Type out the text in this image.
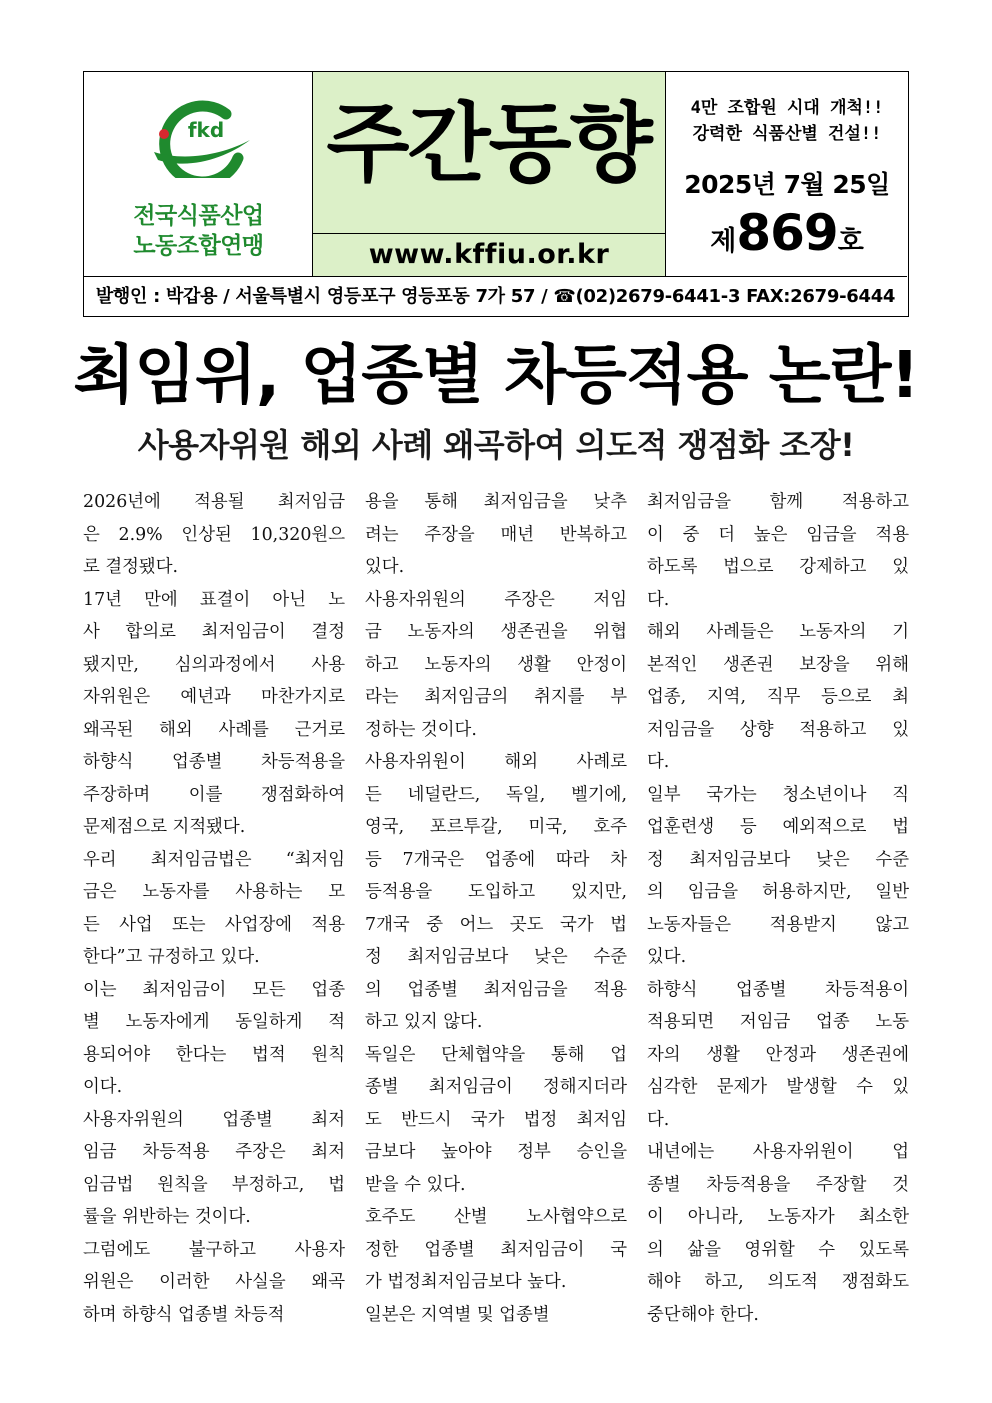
fkd
전국식품산업
노동조합연맹
주간동향
www.kffiu.or.kr
4만 조합원 시대 개척!!
강력한 식품산별 건설!!
2025년 7월 25일
제869호
발행인 : 박갑용 / 서울특별시 영등포구 영등포동 7가 57 / ☎(02)2679-6441-3 FAX:2679-6444
최임위, 업종별 차등적용 논란!
사용자위원 해외 사례 왜곡하여 의도적 쟁점화 조장!
2026년에 적용될 최저임금
은 2.9% 인상된 10,320원으
로 결정됐다.
17년 만에 표결이 아닌 노
사 합의로 최저임금이 결정
됐지만, 심의과정에서 사용
자위원은 예년과 마찬가지로
왜곡된 해외 사례를 근거로
하향식 업종별 차등적용을
주장하며 이를 쟁점화하여
문제점으로 지적됐다.
우리 최저임금법은 “최저임
금은 노동자를 사용하는 모
든 사업 또는 사업장에 적용
한다”고 규정하고 있다.
이는 최저임금이 모든 업종
별 노동자에게 동일하게 적
용되어야 한다는 법적 원칙
이다.
사용자위원의 업종별 최저
임금 차등적용 주장은 최저
임금법 원칙을 부정하고, 법
률을 위반하는 것이다.
그럼에도 불구하고 사용자
위원은 이러한 사실을 왜곡
하며 하향식 업종별 차등적
용을 통해 최저임금을 낮추
려는 주장을 매년 반복하고
있다.
사용자위원의 주장은 저임
금 노동자의 생존권을 위협
하고 노동자의 생활 안정이
라는 최저임금의 취지를 부
정하는 것이다.
사용자위원이 해외 사례로
든 네덜란드, 독일, 벨기에,
영국, 포르투갈, 미국, 호주
등 7개국은 업종에 따라 차
등적용을 도입하고 있지만,
7개국 중 어느 곳도 국가 법
정 최저임금보다 낮은 수준
의 업종별 최저임금을 적용
하고 있지 않다.
독일은 단체협약을 통해 업
종별 최저임금이 정해지더라
도 반드시 국가 법정 최저임
금보다 높아야 정부 승인을
받을 수 있다.
호주도 산별 노사협약으로
정한 업종별 최저임금이 국
가 법정최저임금보다 높다.
일본은 지역별 및 업종별
최저임금을 함께 적용하고
이 중 더 높은 임금을 적용
하도록 법으로 강제하고 있
다.
해외 사례들은 노동자의 기
본적인 생존권 보장을 위해
업종, 지역, 직무 등으로 최
저임금을 상향 적용하고 있
다.
일부 국가는 청소년이나 직
업훈련생 등 예외적으로 법
정 최저임금보다 낮은 수준
의 임금을 허용하지만, 일반
노동자들은 적용받지 않고
있다.
하향식 업종별 차등적용이
적용되면 저임금 업종 노동
자의 생활 안정과 생존권에
심각한 문제가 발생할 수 있
다.
내년에는 사용자위원이 업
종별 차등적용을 주장할 것
이 아니라, 노동자가 최소한
의 삶을 영위할 수 있도록
해야 하고, 의도적 쟁점화도
중단해야 한다.
